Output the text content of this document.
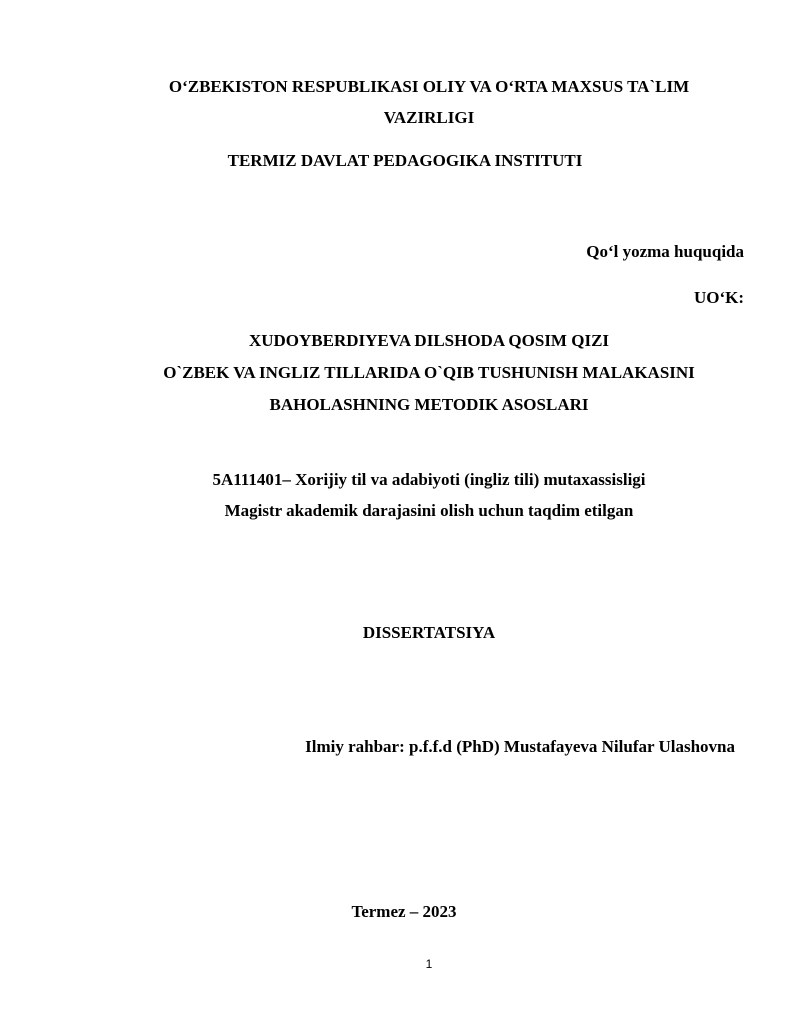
O‘ZBEKISTON RESPUBLIKASI OLIY VA O‘RTA MAXSUS TA`LIM
VAZIRLIGI
TERMIZ DAVLAT PEDAGOGIKA INSTITUTI
Qo‘l yozma huquqida
UO‘K:
XUDOYBERDIYEVA DILSHODA QOSIM QIZI
O`ZBEK VA INGLIZ TILLARIDA O`QIB TUSHUNISH MALAKASINI
BAHOLASHNING METODIK ASOSLARI
5A111401– Xorijiy til va adabiyoti (ingliz tili) mutaxassisligi
Magistr akademik darajasini olish uchun taqdim etilgan
DISSERTATSIYA
Ilmiy rahbar: p.f.f.d (PhD) Mustafayeva Nilufar Ulashovna
Termez – 2023
1
